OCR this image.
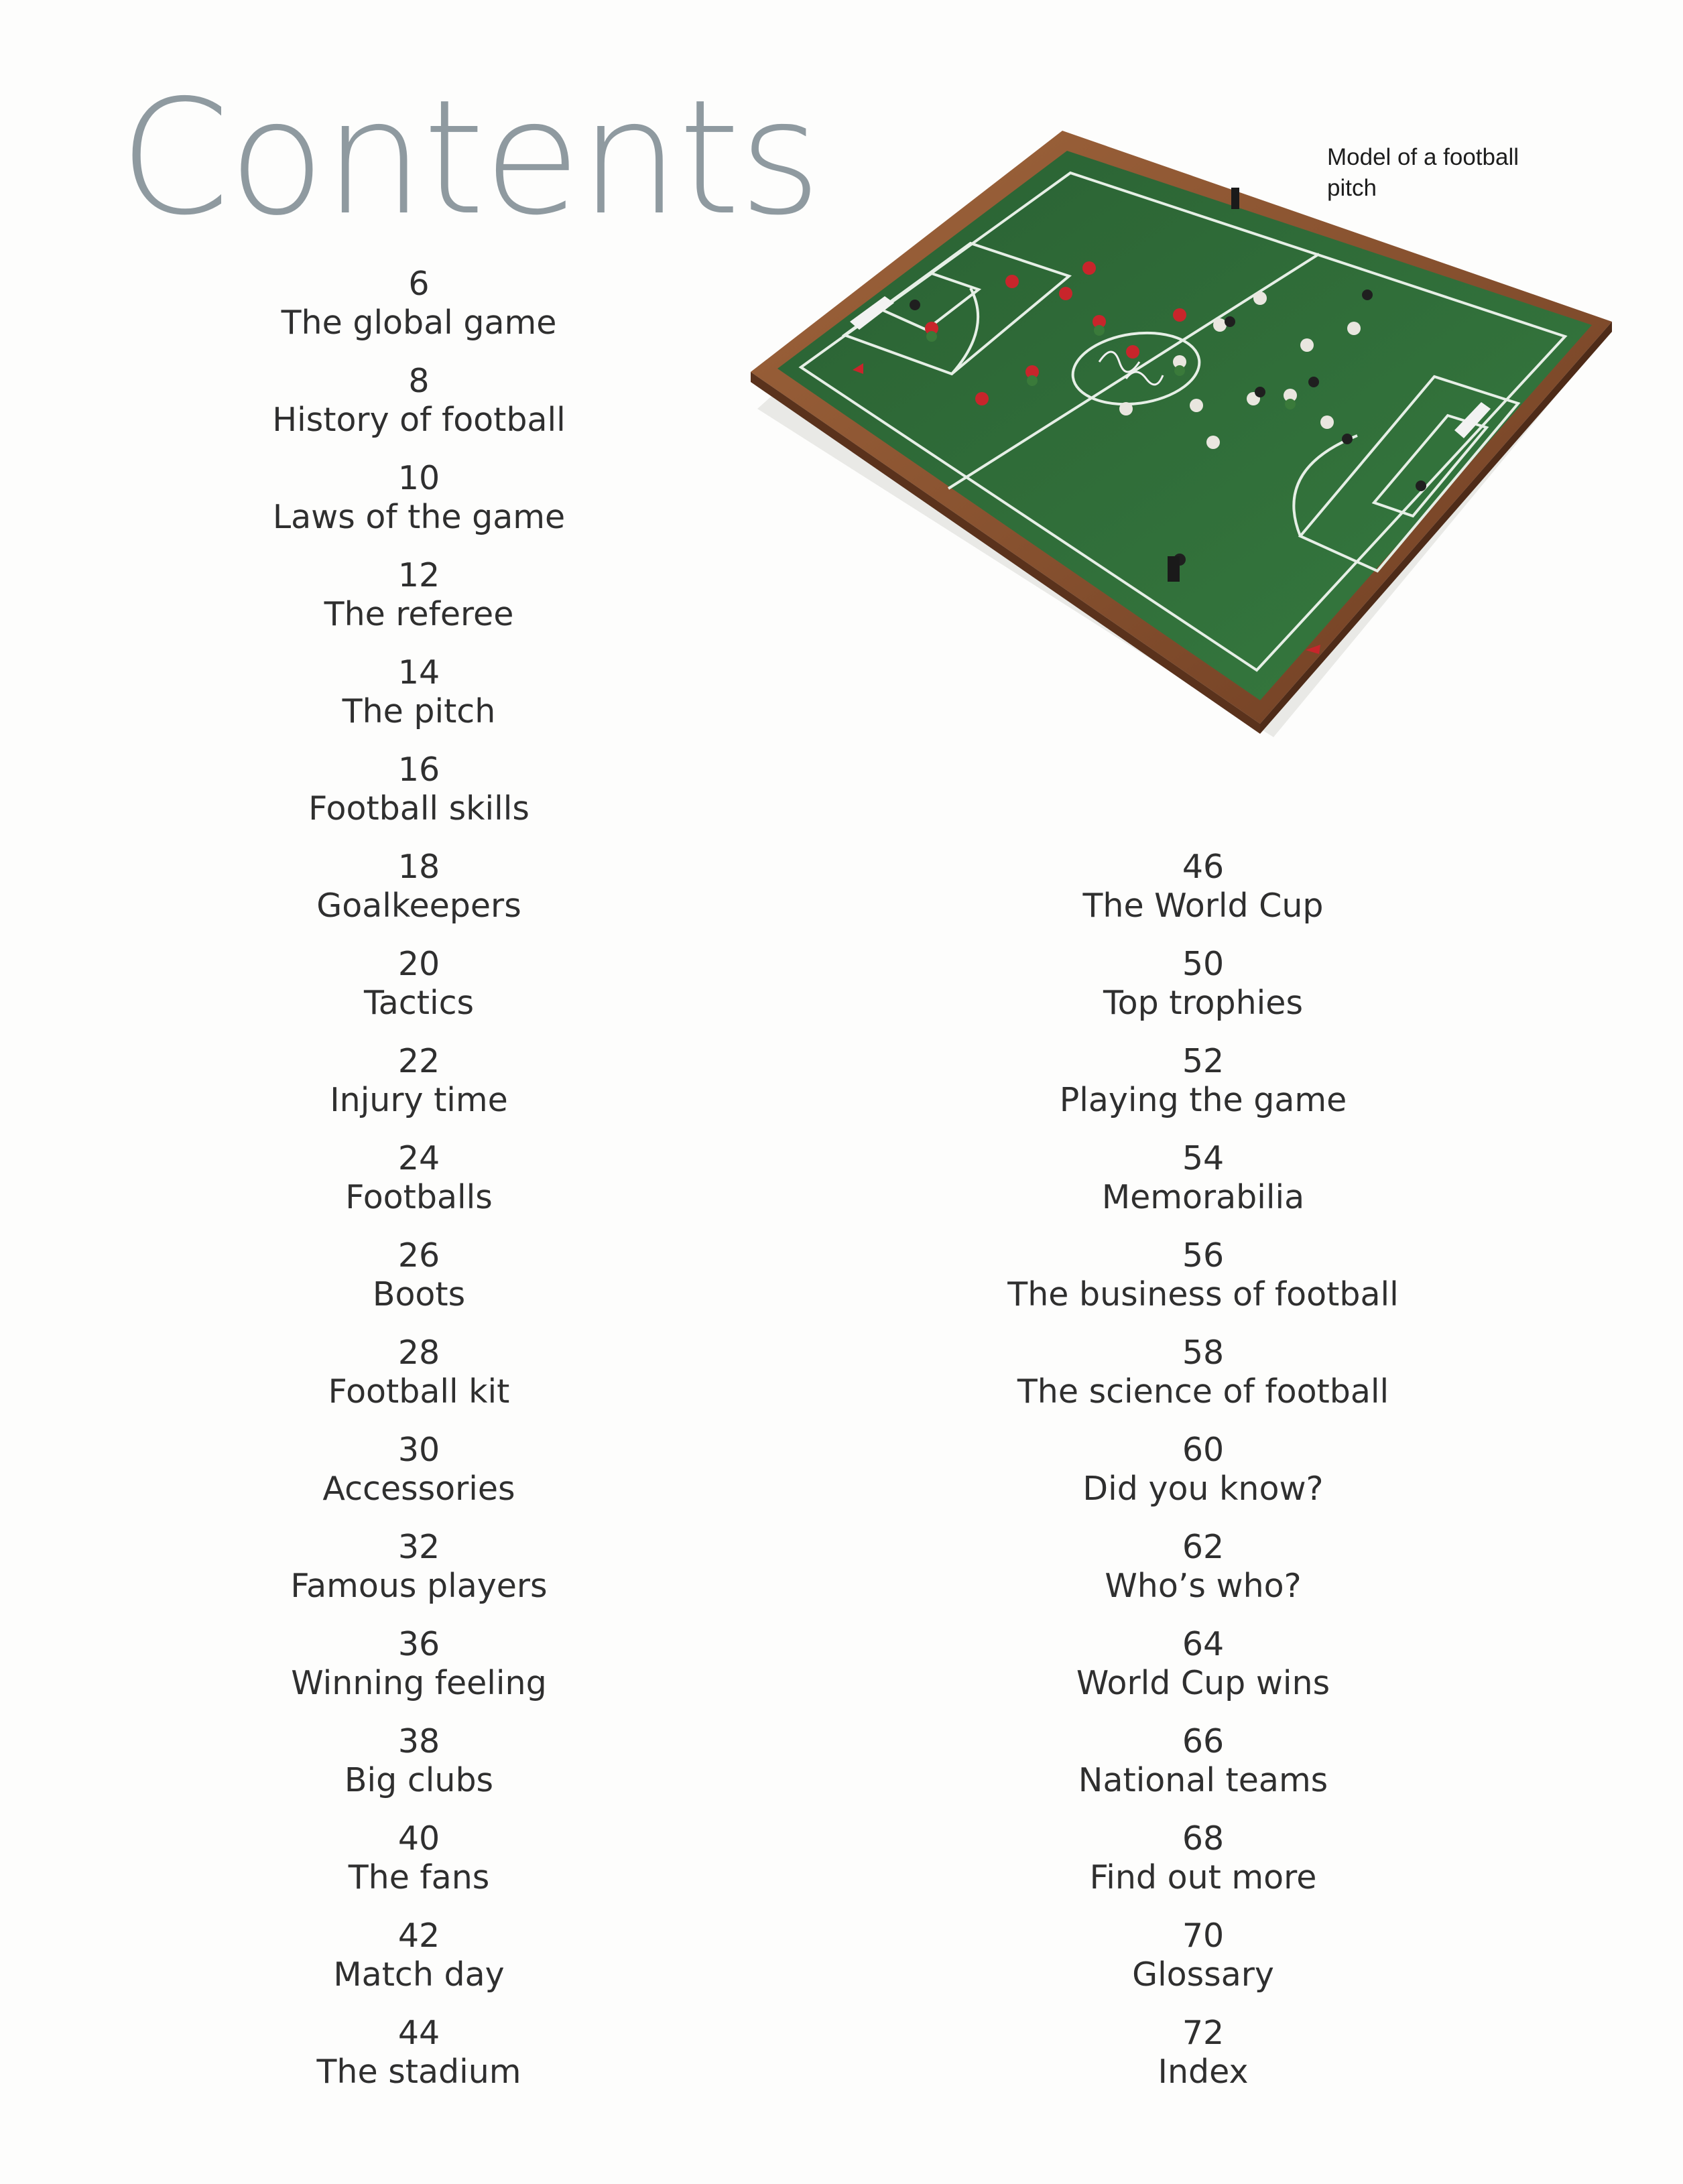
Contents	Model of a football pitch
6
The global game
8
History of football
10
Laws of the game
12
The referee
14
The pitch
16
Football skills
18
Goalkeepers
20
Tactics
22
Injury time
24
Footballs
26
Boots
28
Football kit
30
Accessories
32
Famous players
36
Winning feeling
38
Big clubs
40
The fans
42
Match day
44
The stadium
46
The World Cup
50
Top trophies
52
Playing the game
54
Memorabilia
56
The business of football
58
The science of football
60
Did you know?
62
Who’s who?
64
World Cup wins
66
National teams
68
Find out more
70
Glossary
72
Index
